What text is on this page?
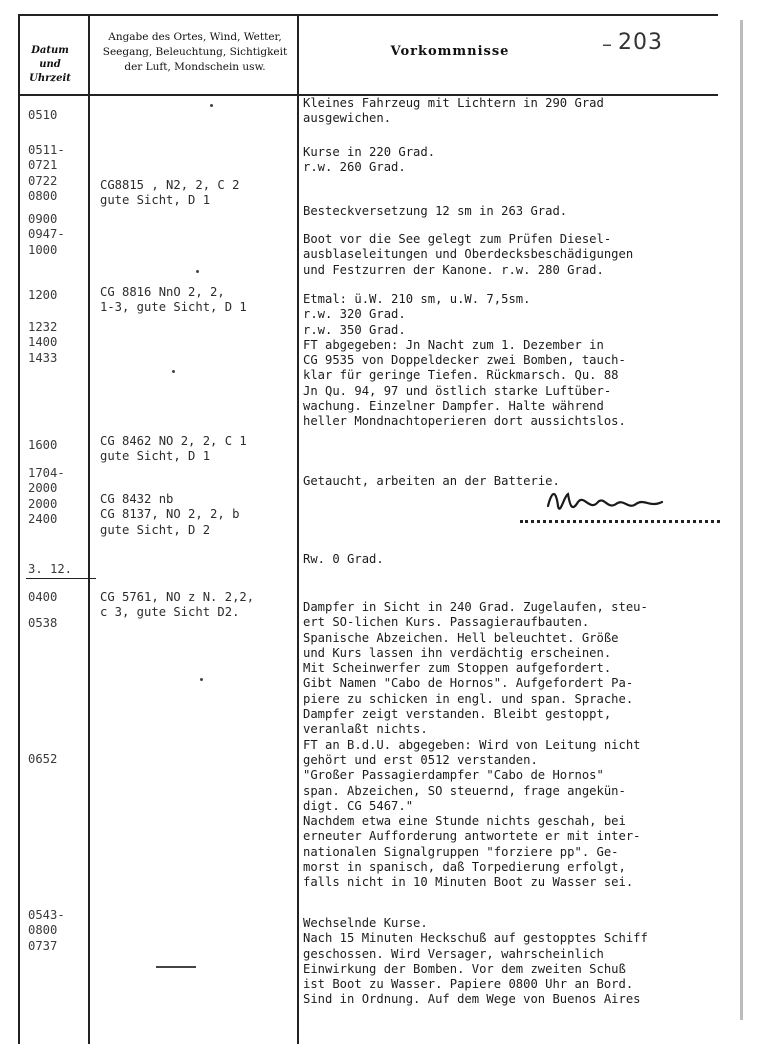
Datum
und
Uhrzeit
Angabe des Ortes, Wind, Wetter,
Seegang, Beleuchtung, Sichtigkeit
der Luft, Mondschein usw.
Vorkommnisse	– 203
0510
0511-
0721
0722
0800
0900
0947-
1000
1200
1232
1400
1433
1600
1704-
2000
2000
2400
3. 12.
0400
0538
0652
0543-
0800
0737
CG8815 , N2, 2, C 2
gute Sicht, D 1
CG 8816 NnO 2, 2,
1-3, gute Sicht, D 1
CG 8462 NO 2, 2, C 1
gute Sicht, D 1
CG 8432 nb
CG 8137, NO 2, 2, b
gute Sicht, D 2
CG 5761, NO z N. 2,2,
c 3, gute Sicht D2.
Kleines Fahrzeug mit Lichtern in 290 Grad
ausgewichen.
Kurse in 220 Grad.
r.w. 260 Grad.
Besteckversetzung 12 sm in 263 Grad.
Boot vor die See gelegt zum Prüfen Diesel-
ausblaseleitungen und Oberdecksbeschädigungen
und Festzurren der Kanone. r.w. 280 Grad.
Etmal: ü.W. 210 sm, u.W. 7,5sm.
r.w. 320 Grad.
r.w. 350 Grad.
FT abgegeben: Jn Nacht zum 1. Dezember in
CG 9535 von Doppeldecker zwei Bomben, tauch-
klar für geringe Tiefen. Rückmarsch. Qu. 88
Jn Qu. 94, 97 und östlich starke Luftüber-
wachung. Einzelner Dampfer. Halte während
heller Mondnachtoperieren dort aussichtslos.
Getaucht, arbeiten an der Batterie.
Rw. 0 Grad.
Dampfer in Sicht in 240 Grad. Zugelaufen, steu-
ert SO-lichen Kurs. Passagieraufbauten.
Spanische Abzeichen. Hell beleuchtet. Größe
und Kurs lassen ihn verdächtig erscheinen.
Mit Scheinwerfer zum Stoppen aufgefordert.
Gibt Namen "Cabo de Hornos". Aufgefordert Pa-
piere zu schicken in engl. und span. Sprache.
Dampfer zeigt verstanden. Bleibt gestoppt,
veranlaßt nichts.
FT an B.d.U. abgegeben: Wird von Leitung nicht
gehört und erst 0512 verstanden.
"Großer Passagierdampfer "Cabo de Hornos"
span. Abzeichen, SO steuernd, frage angekün-
digt. CG 5467."
Nachdem etwa eine Stunde nichts geschah, bei
erneuter Aufforderung antwortete er mit inter-
nationalen Signalgruppen "forziere pp". Ge-
morst in spanisch, daß Torpedierung erfolgt,
falls nicht in 10 Minuten Boot zu Wasser sei.
Wechselnde Kurse.
Nach 15 Minuten Heckschuß auf gestopptes Schiff
geschossen. Wird Versager, wahrscheinlich
Einwirkung der Bomben. Vor dem zweiten Schuß
ist Boot zu Wasser. Papiere 0800 Uhr an Bord.
Sind in Ordnung. Auf dem Wege von Buenos Aires
